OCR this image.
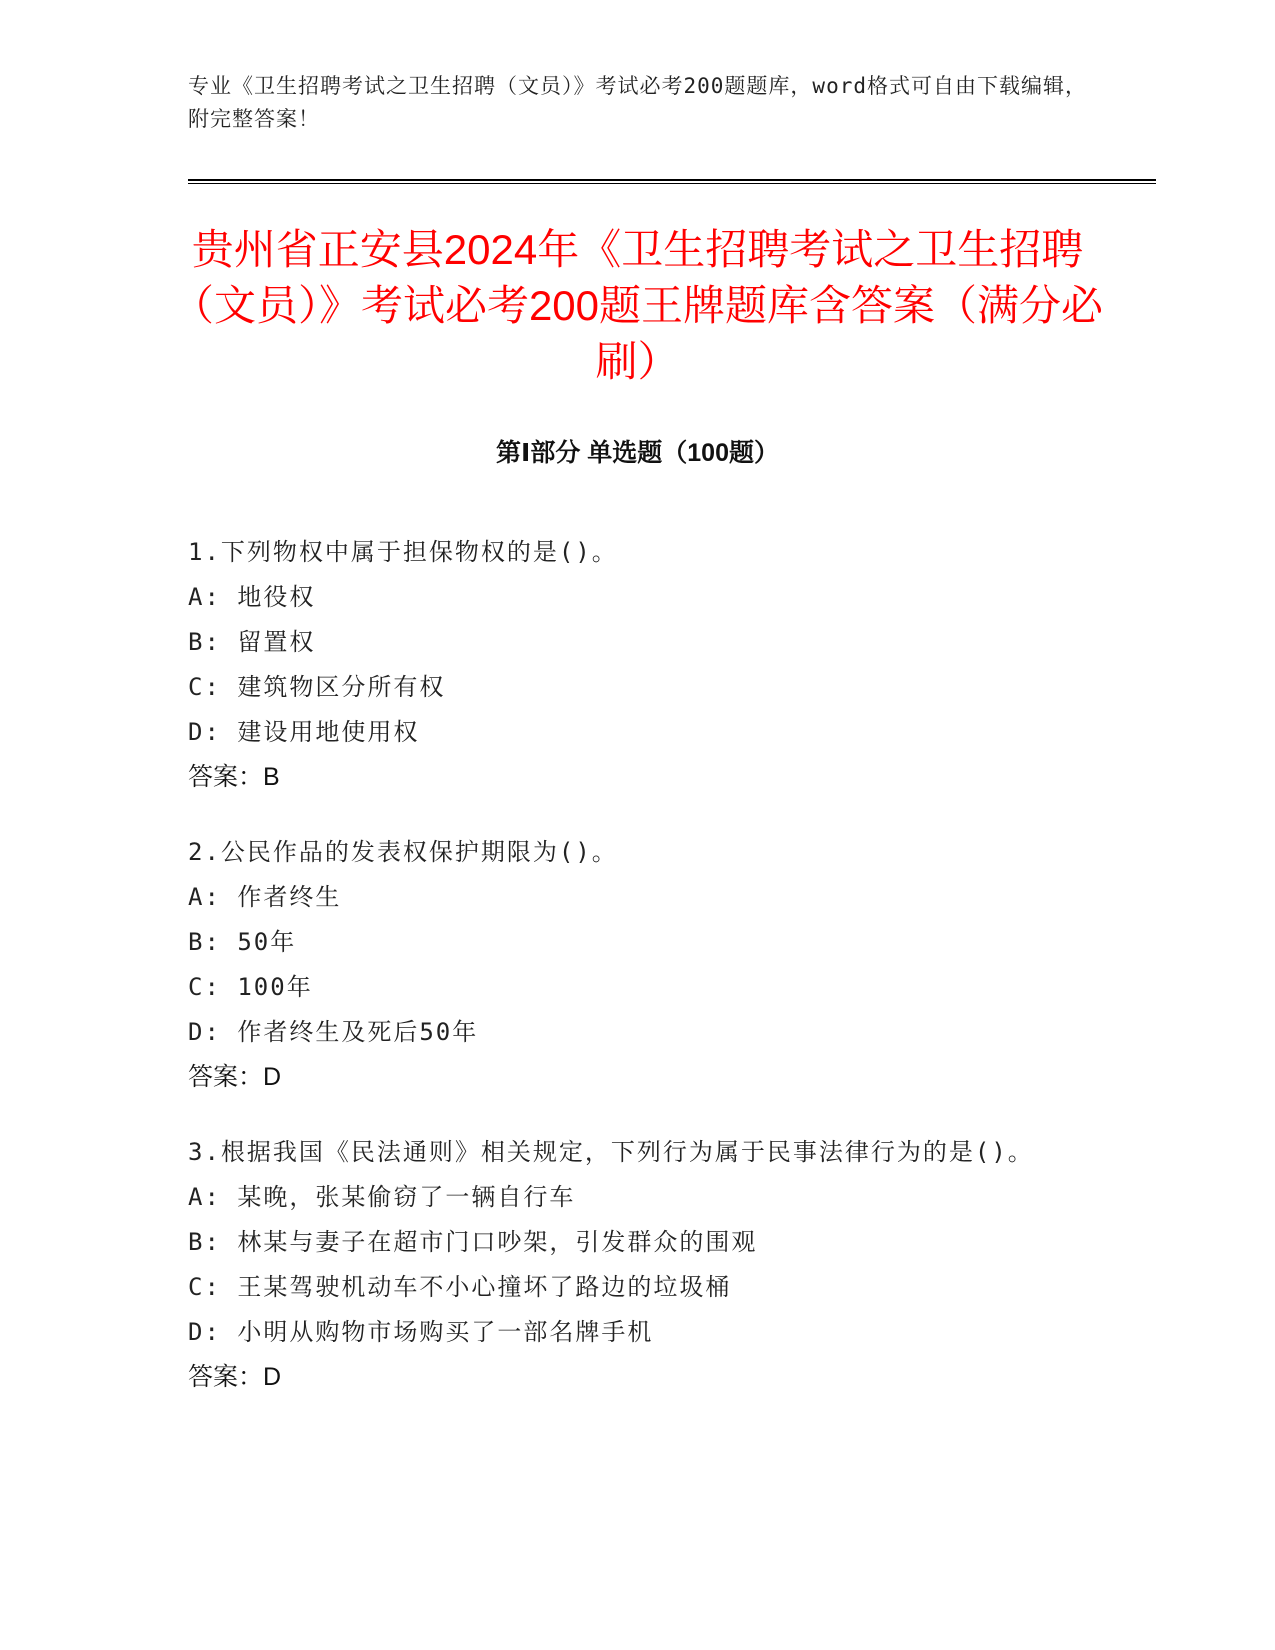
专业《卫生招聘考试之卫生招聘（文员）》考试必考200题题库，word格式可自由下载编辑，附完整答案！
贵州省正安县2024年《卫生招聘考试之卫生招聘（文员）》考试必考200题王牌题库含答案（满分必刷）
第Ⅰ部分 单选题（100题）

1.下列物权中属于担保物权的是()。

A: 地役权

B: 留置权

C: 建筑物区分所有权

D: 建设用地使用权

答案：B

2.公民作品的发表权保护期限为()。

A: 作者终生

B: 50年

C: 100年

D: 作者终生及死后50年

答案：D

3.根据我国《民法通则》相关规定，下列行为属于民事法律行为的是()。

A: 某晚，张某偷窃了一辆自行车

B: 林某与妻子在超市门口吵架，引发群众的围观

C: 王某驾驶机动车不小心撞坏了路边的垃圾桶

D: 小明从购物市场购买了一部名牌手机

答案：D
